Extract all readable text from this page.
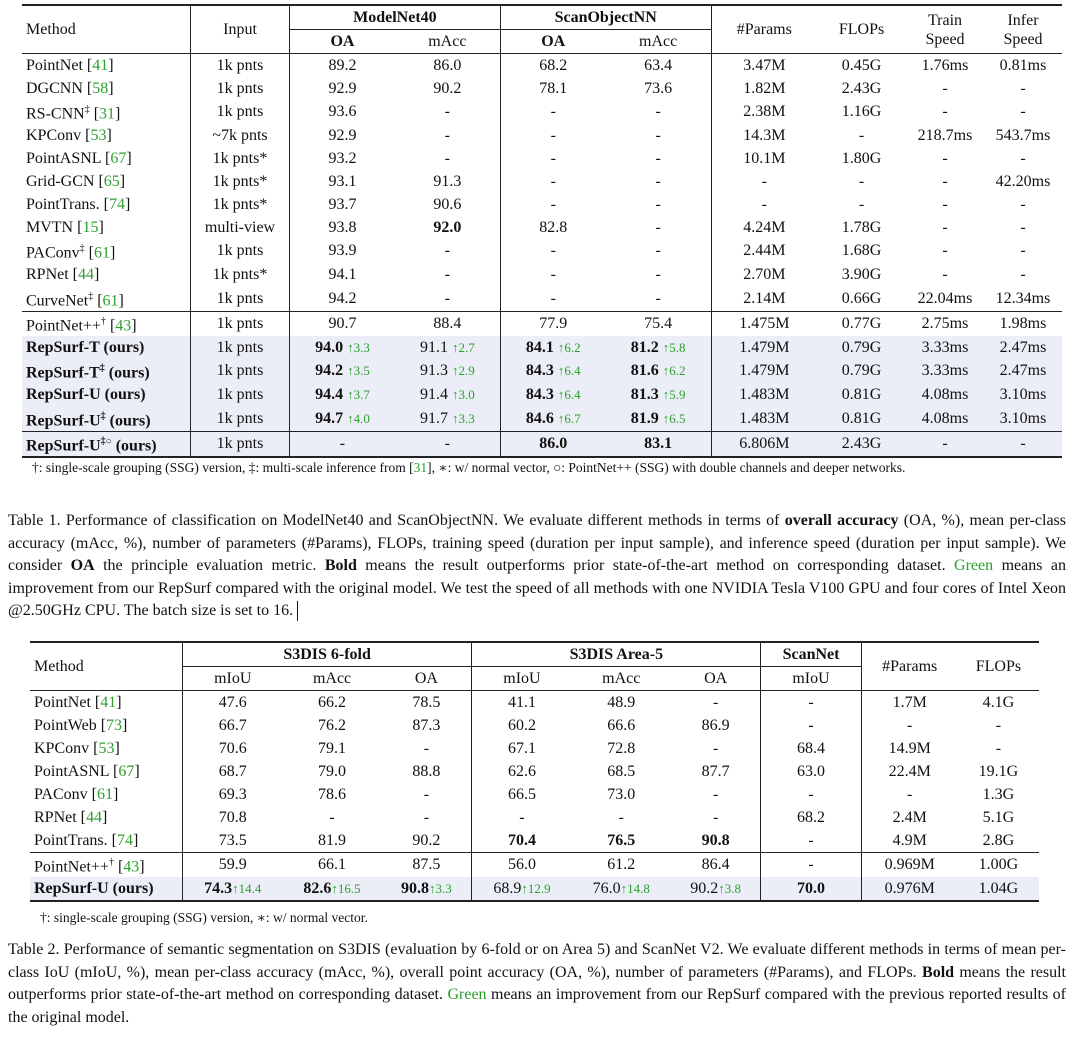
Method	Input	ModelNet40		ScanObjectNN		#Params	FLOPs	Train Speed	Infer Speed
		OA	mAcc	OA	mAcc				
PointNet [41]	1k pnts	89.2	86.0	68.2	63.4	3.47M	0.45G	1.76ms	0.81ms
DGCNN [58]	1k pnts	92.9	90.2	78.1	73.6	1.82M	2.43G	-	-
RS-CNN‡ [31]	1k pnts	93.6	-	-	-	2.38M	1.16G	-	-
KPConv [53]	~7k pnts	92.9	-	-	-	14.3M	-	218.7ms	543.7ms
PointASNL [67]	1k pnts*	93.2	-	-	-	10.1M	1.80G	-	-
Grid-GCN [65]	1k pnts*	93.1	91.3	-	-	-	-	-	42.20ms
PointTrans. [74]	1k pnts*	93.7	90.6	-	-	-	-	-	-
MVTN [15]	multi-view	93.8	92.0	82.8	-	4.24M	1.78G	-	-
PAConv‡ [61]	1k pnts	93.9	-	-	-	2.44M	1.68G	-	-
RPNet [44]	1k pnts*	94.1	-	-	-	2.70M	3.90G	-	-
CurveNet‡ [61]	1k pnts	94.2	-	-	-	2.14M	0.66G	22.04ms	12.34ms
PointNet++† [43]	1k pnts	90.7	88.4	77.9	75.4	1.475M	0.77G	2.75ms	1.98ms
RepSurf-T (ours)	1k pnts	94.0 ↑3.3	91.1 ↑2.7	84.1 ↑6.2	81.2 ↑5.8	1.479M	0.79G	3.33ms	2.47ms
RepSurf-T‡ (ours)	1k pnts	94.2 ↑3.5	91.3 ↑2.9	84.3 ↑6.4	81.6 ↑6.2	1.479M	0.79G	3.33ms	2.47ms
RepSurf-U (ours)	1k pnts	94.4 ↑3.7	91.4 ↑3.0	84.3 ↑6.4	81.3 ↑5.9	1.483M	0.81G	4.08ms	3.10ms
RepSurf-U‡ (ours)	1k pnts	94.7 ↑4.0	91.7 ↑3.3	84.6 ↑6.7	81.9 ↑6.5	1.483M	0.81G	4.08ms	3.10ms
RepSurf-U‡○ (ours)	1k pnts	-	-	86.0	83.1	6.806M	2.43G	-	-
†: single-scale grouping (SSG) version, ‡: multi-scale inference from [31], ∗: w/ normal vector, ○: PointNet++ (SSG) with double channels and deeper networks.
Table 1. Performance of classification on ModelNet40 and ScanObjectNN. We evaluate different methods in terms of overall accuracy (OA, %), mean per-class accuracy (mAcc, %), number of parameters (#Params), FLOPs, training speed (duration per input sample), and inference speed (duration per input sample). We consider OA the principle evaluation metric. Bold means the result outperforms prior state-of-the-art method on corresponding dataset. Green means an improvement from our RepSurf compared with the original model. We test the speed of all methods with one NVIDIA Tesla V100 GPU and four cores of Intel Xeon @2.50GHz CPU. The batch size is set to 16.
Method	S3DIS 6-fold			S3DIS Area-5			ScanNet	#Params	FLOPs
	mIoU	mAcc	OA	mIoU	mAcc	OA	mIoU		
PointNet [41]	47.6	66.2	78.5	41.1	48.9	-	-	1.7M	4.1G
PointWeb [73]	66.7	76.2	87.3	60.2	66.6	86.9	-	-	-
KPConv [53]	70.6	79.1	-	67.1	72.8	-	68.4	14.9M	-
PointASNL [67]	68.7	79.0	88.8	62.6	68.5	87.7	63.0	22.4M	19.1G
PAConv [61]	69.3	78.6	-	66.5	73.0	-	-	-	1.3G
RPNet [44]	70.8	-	-	-	-	-	68.2	2.4M	5.1G
PointTrans. [74]	73.5	81.9	90.2	70.4	76.5	90.8	-	4.9M	2.8G
PointNet++† [43]	59.9	66.1	87.5	56.0	61.2	86.4	-	0.969M	1.00G
RepSurf-U (ours)	74.3↑14.4	82.6↑16.5	90.8↑3.3	68.9↑12.9	76.0↑14.8	90.2↑3.8	70.0	0.976M	1.04G
†: single-scale grouping (SSG) version, ∗: w/ normal vector.
Table 2. Performance of semantic segmentation on S3DIS (evaluation by 6-fold or on Area 5) and ScanNet V2. We evaluate different methods in terms of mean per-class IoU (mIoU, %), mean per-class accuracy (mAcc, %), overall point accuracy (OA, %), number of parameters (#Params), and FLOPs. Bold means the result outperforms prior state-of-the-art method on corresponding dataset. Green means an improvement from our RepSurf compared with the previous reported results of the original model.
